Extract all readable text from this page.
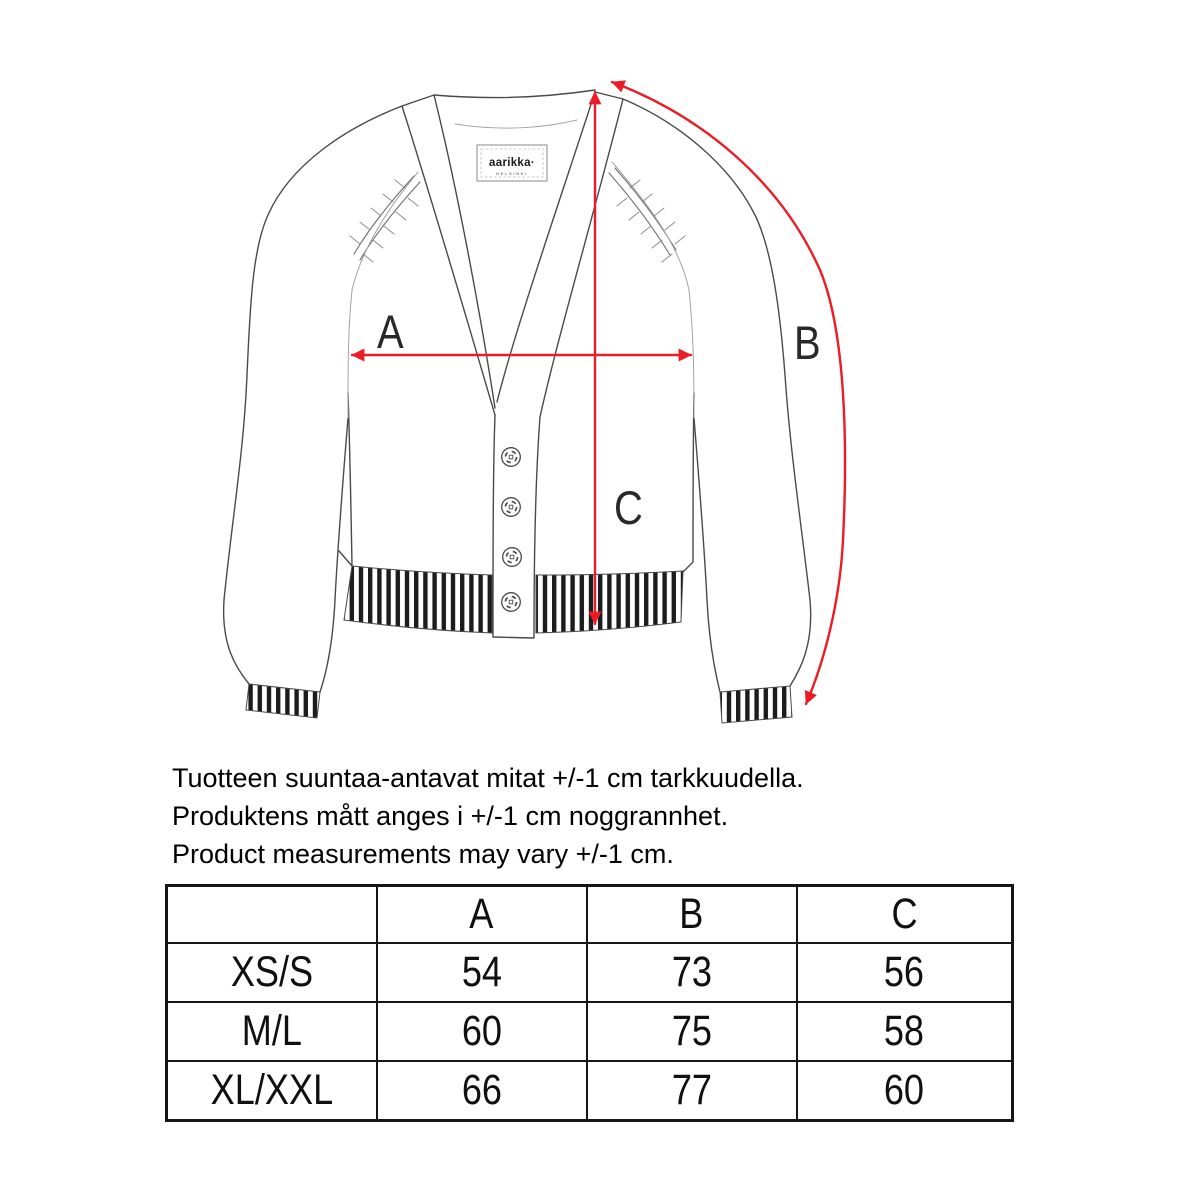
aarikka·
HELSINKI
A	B
C

Tuotteen suuntaa-antavat mitat +/-1 cm tarkkuudella.

Produktens mått anges i +/-1 cm noggrannhet.

Product measurements may vary +/-1 cm.

	A	B	C
XS/S	54	73	56
M/L	60	75	58
XL/XXL	66	77	60
